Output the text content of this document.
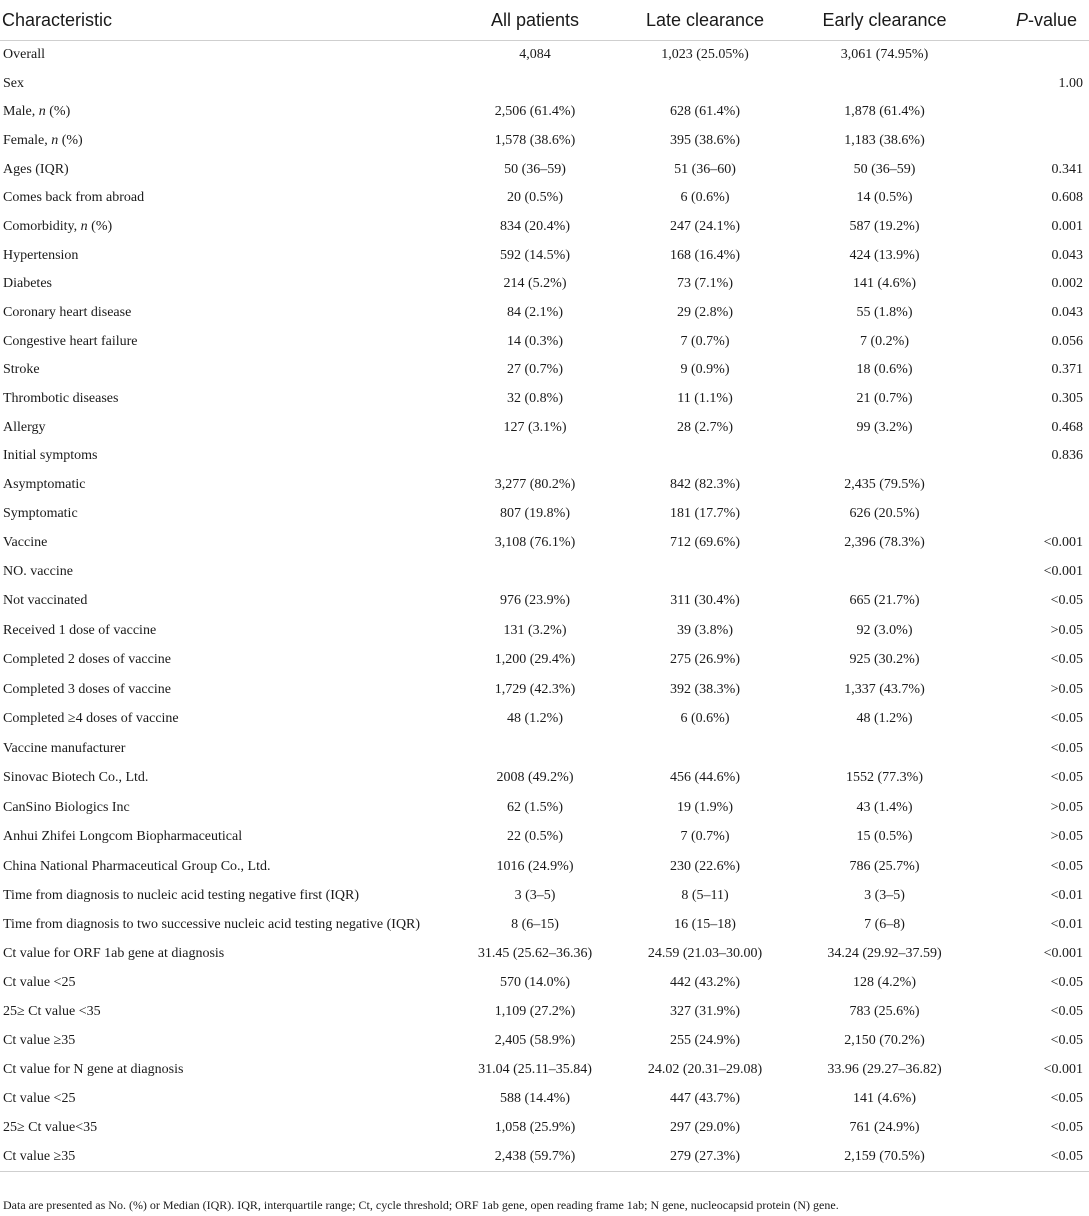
Characteristic	All patients	Late clearance	Early clearance	P-value
Overall	4,084	1,023 (25.05%)	3,061 (74.95%)	
Sex				1.00
Male, n (%)	2,506 (61.4%)	628 (61.4%)	1,878 (61.4%)	
Female, n (%)	1,578 (38.6%)	395 (38.6%)	1,183 (38.6%)	
Ages (IQR)	50 (36–59)	51 (36–60)	50 (36–59)	0.341
Comes back from abroad	20 (0.5%)	6 (0.6%)	14 (0.5%)	0.608
Comorbidity, n (%)	834 (20.4%)	247 (24.1%)	587 (19.2%)	0.001
Hypertension	592 (14.5%)	168 (16.4%)	424 (13.9%)	0.043
Diabetes	214 (5.2%)	73 (7.1%)	141 (4.6%)	0.002
Coronary heart disease	84 (2.1%)	29 (2.8%)	55 (1.8%)	0.043
Congestive heart failure	14 (0.3%)	7 (0.7%)	7 (0.2%)	0.056
Stroke	27 (0.7%)	9 (0.9%)	18 (0.6%)	0.371
Thrombotic diseases	32 (0.8%)	11 (1.1%)	21 (0.7%)	0.305
Allergy	127 (3.1%)	28 (2.7%)	99 (3.2%)	0.468
Initial symptoms				0.836
Asymptomatic	3,277 (80.2%)	842 (82.3%)	2,435 (79.5%)	
Symptomatic	807 (19.8%)	181 (17.7%)	626 (20.5%)	
Vaccine	3,108 (76.1%)	712 (69.6%)	2,396 (78.3%)	<0.001
NO. vaccine				<0.001
Not vaccinated	976 (23.9%)	311 (30.4%)	665 (21.7%)	<0.05
Received 1 dose of vaccine	131 (3.2%)	39 (3.8%)	92 (3.0%)	>0.05
Completed 2 doses of vaccine	1,200 (29.4%)	275 (26.9%)	925 (30.2%)	<0.05
Completed 3 doses of vaccine	1,729 (42.3%)	392 (38.3%)	1,337 (43.7%)	>0.05
Completed ≥4 doses of vaccine	48 (1.2%)	6 (0.6%)	48 (1.2%)	<0.05
Vaccine manufacturer				<0.05
Sinovac Biotech Co., Ltd.	2008 (49.2%)	456 (44.6%)	1552 (77.3%)	<0.05
CanSino Biologics Inc	62 (1.5%)	19 (1.9%)	43 (1.4%)	>0.05
Anhui Zhifei Longcom Biopharmaceutical	22 (0.5%)	7 (0.7%)	15 (0.5%)	>0.05
China National Pharmaceutical Group Co., Ltd.	1016 (24.9%)	230 (22.6%)	786 (25.7%)	<0.05
Time from diagnosis to nucleic acid testing negative first (IQR)	3 (3–5)	8 (5–11)	3 (3–5)	<0.01
Time from diagnosis to two successive nucleic acid testing negative (IQR)	8 (6–15)	16 (15–18)	7 (6–8)	<0.01
Ct value for ORF 1ab gene at diagnosis	31.45 (25.62–36.36)	24.59 (21.03–30.00)	34.24 (29.92–37.59)	<0.001
Ct value <25	570 (14.0%)	442 (43.2%)	128 (4.2%)	<0.05
25≥ Ct value <35	1,109 (27.2%)	327 (31.9%)	783 (25.6%)	<0.05
Ct value ≥35	2,405 (58.9%)	255 (24.9%)	2,150 (70.2%)	<0.05
Ct value for N gene at diagnosis	31.04 (25.11–35.84)	24.02 (20.31–29.08)	33.96 (29.27–36.82)	<0.001
Ct value <25	588 (14.4%)	447 (43.7%)	141 (4.6%)	<0.05
25≥ Ct value<35	1,058 (25.9%)	297 (29.0%)	761 (24.9%)	<0.05
Ct value ≥35	2,438 (59.7%)	279 (27.3%)	2,159 (70.5%)	<0.05
Data are presented as No. (%) or Median (IQR). IQR, interquartile range; Ct, cycle threshold; ORF 1ab gene, open reading frame 1ab; N gene, nucleocapsid protein (N) gene.
